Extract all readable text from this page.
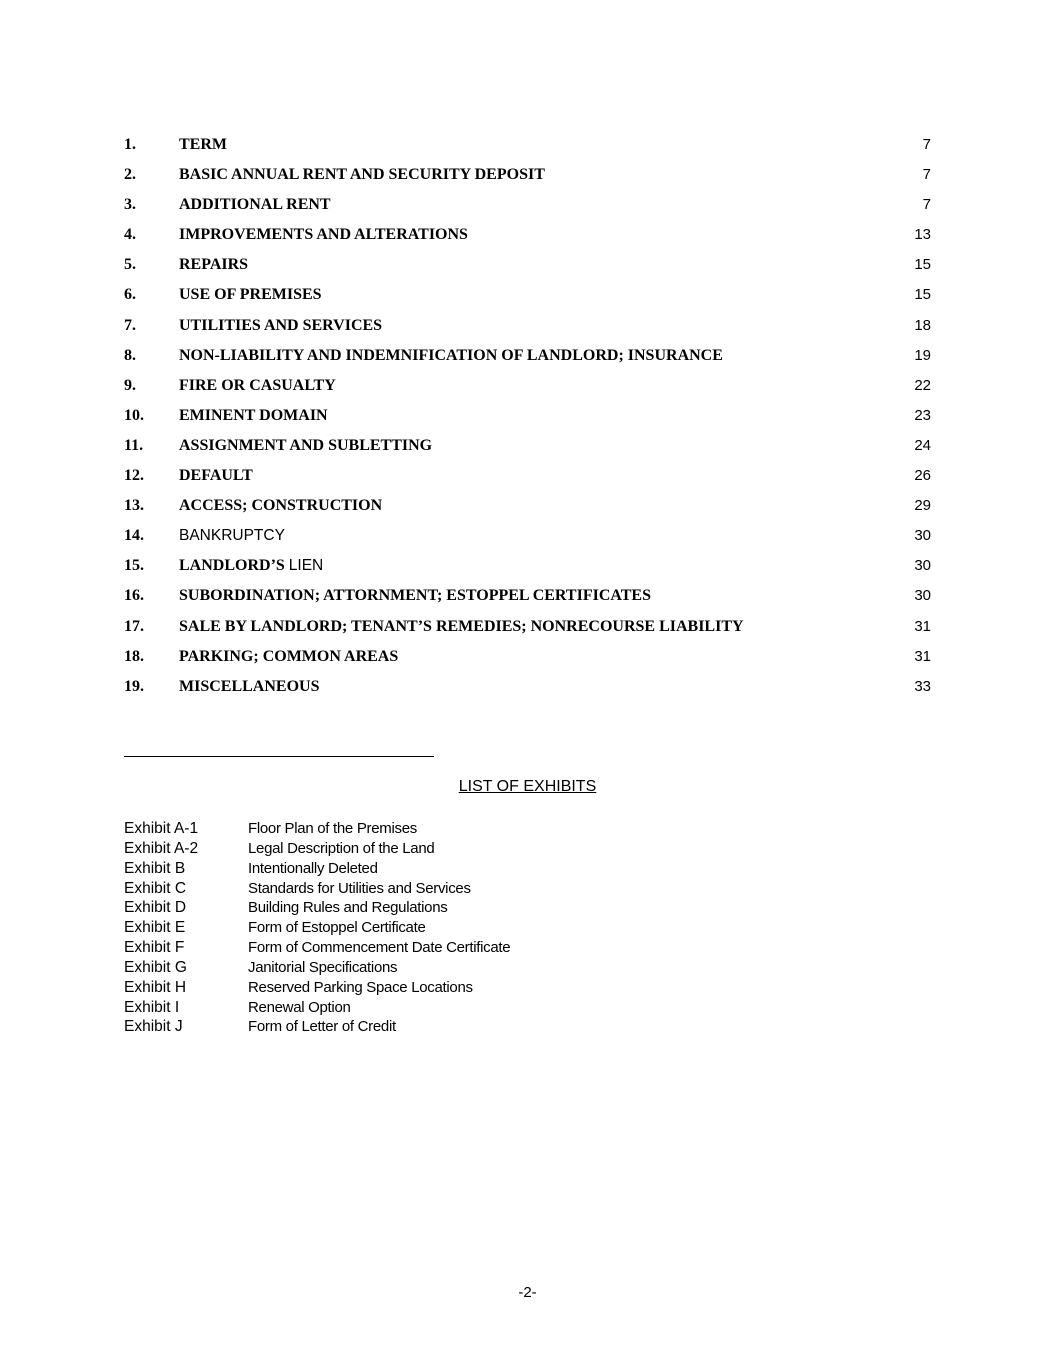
1.	TERM	7
2.	BASIC ANNUAL RENT AND SECURITY DEPOSIT	7
3.	ADDITIONAL RENT	7
4.	IMPROVEMENTS AND ALTERATIONS	13
5.	REPAIRS	15
6.	USE OF PREMISES	15
7.	UTILITIES AND SERVICES	18
8.	NON-LIABILITY AND INDEMNIFICATION OF LANDLORD; INSURANCE	19
9.	FIRE OR CASUALTY	22
10. EMINENT DOMAIN	23
11. ASSIGNMENT AND SUBLETTING	24
12. DEFAULT	26
13. ACCESS; CONSTRUCTION	29
14. BANKRUPTCY	30
15. LANDLORD’S LIEN	30
16. SUBORDINATION; ATTORNMENT; ESTOPPEL CERTIFICATES	30
17. SALE BY LANDLORD; TENANT’S REMEDIES; NONRECOURSE LIABILITY	31
18. PARKING; COMMON AREAS	31
19. MISCELLANEOUS	33
LIST OF EXHIBITS
Exhibit A-1	Floor Plan of the Premises
Exhibit A-2	Legal Description of the Land
Exhibit B	Intentionally Deleted
Exhibit C	Standards for Utilities and Services
Exhibit D	Building Rules and Regulations
Exhibit E	Form of Estoppel Certificate
Exhibit F	Form of Commencement Date Certificate
Exhibit G	Janitorial Specifications
Exhibit H	Reserved Parking Space Locations
Exhibit I	Renewal Option
Exhibit J	Form of Letter of Credit
-2-
